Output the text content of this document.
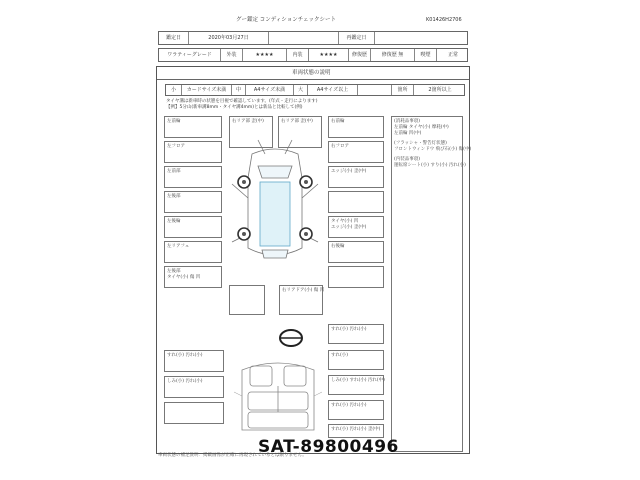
グー鑑定 コンディションチェックシート	K01426H2706
鑑定日	2020年03月27日	再鑑定日
ワラティーグレード	外装	★★★★	内装	★★★★	修復歴	修復歴 無	喫煙	正常
車両状態の説明
小	カードサイズ未満	中	A4サイズ未満	大	A4サイズ以上	箇所	2箇所以上
タイヤ溝は新車時の状態を目視で確認しています。(年式・走行によります)
【例】5分山(新車溝8mm・タイヤ溝4mm)とは新品と比較して(例)
左前輪
左フロア
左前部
左後部
左後輪
左リアフェ
左後部
タイヤ(小) 傷 凹
右リア部 歪(中)	右リア部 歪(中)	右前輪
右フロア
エッジ(小) 歪(中)
タイヤ(小) 凹
エッジ(小) 歪(中)
右後輪
右リアドア(小) 傷 凹
(消耗品事項)
左前輪 タイヤ(小) 摩耗(中)
左前輪 凹(中)
(フラッシャ・警告灯状態)
フロントウィンドウ 飛び石(小) 傷(中)
(内装品事項)
運転席シート(小) すり(小) 汚れ(小)
すれ(小) 汚れ(小)
しみ(小) 汚れ(小)
すれ(小) 汚れ(小)
すれ(小)
しみ(小) すれ(小) 汚れ(中)
すれ(小) 汚れ(小)
すれ(小) 汚れ(小) 歪(中)
車両状態の補足説明：掲載画像が正確に再現されているとは限りません。
SAT-89800496
